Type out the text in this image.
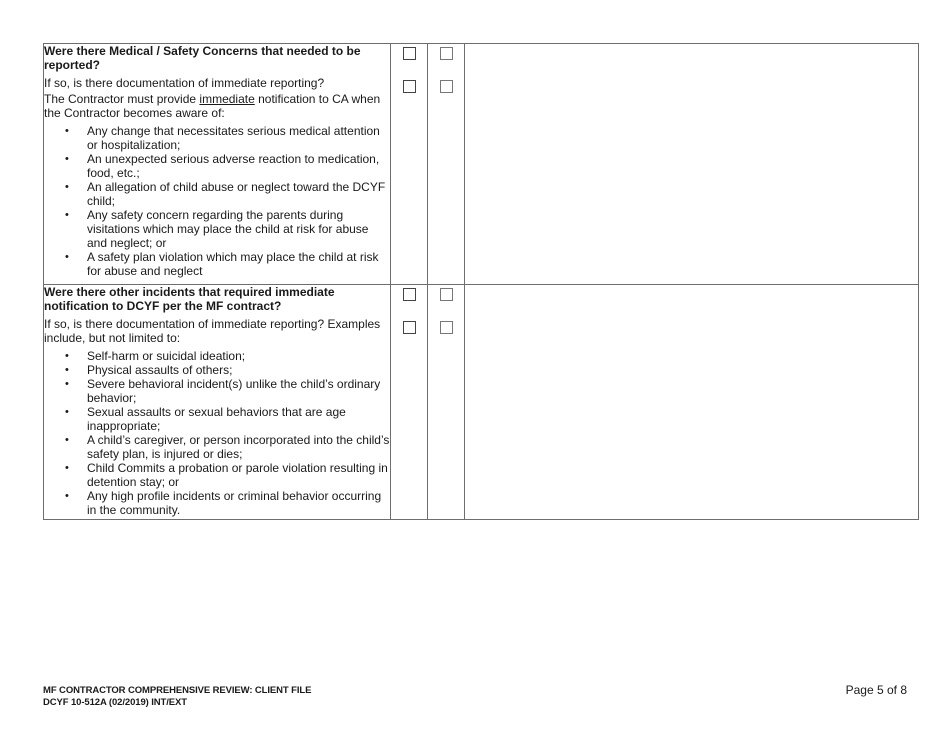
Were there Medical / Safety Concerns that needed to be reported?

If so, is there documentation of immediate reporting?

The Contractor must provide immediate notification to CA when the Contractor becomes aware of:

• Any change that necessitates serious medical attention or hospitalization;
• An unexpected serious adverse reaction to medication, food, etc.;
• An allegation of child abuse or neglect toward the DCYF child;
• Any safety concern regarding the parents during visitations which may place the child at risk for abuse and neglect; or
• A safety plan violation which may place the child at risk for abuse and neglect

Were there other incidents that required immediate notification to DCYF per the MF contract?

If so, is there documentation of immediate reporting? Examples include, but not limited to:

• Self-harm or suicidal ideation;
• Physical assaults of others;
• Severe behavioral incident(s) unlike the child’s ordinary behavior;
• Sexual assaults or sexual behaviors that are age inappropriate;
• A child’s caregiver, or person incorporated into the child’s safety plan, is injured or dies;
• Child Commits a probation or parole violation resulting in detention stay; or
• Any high profile incidents or criminal behavior occurring in the community.

MF CONTRACTOR COMPREHENSIVE REVIEW: CLIENT FILE
DCYF 10-512A (02/2019) INT/EXT
Page 5 of 8
